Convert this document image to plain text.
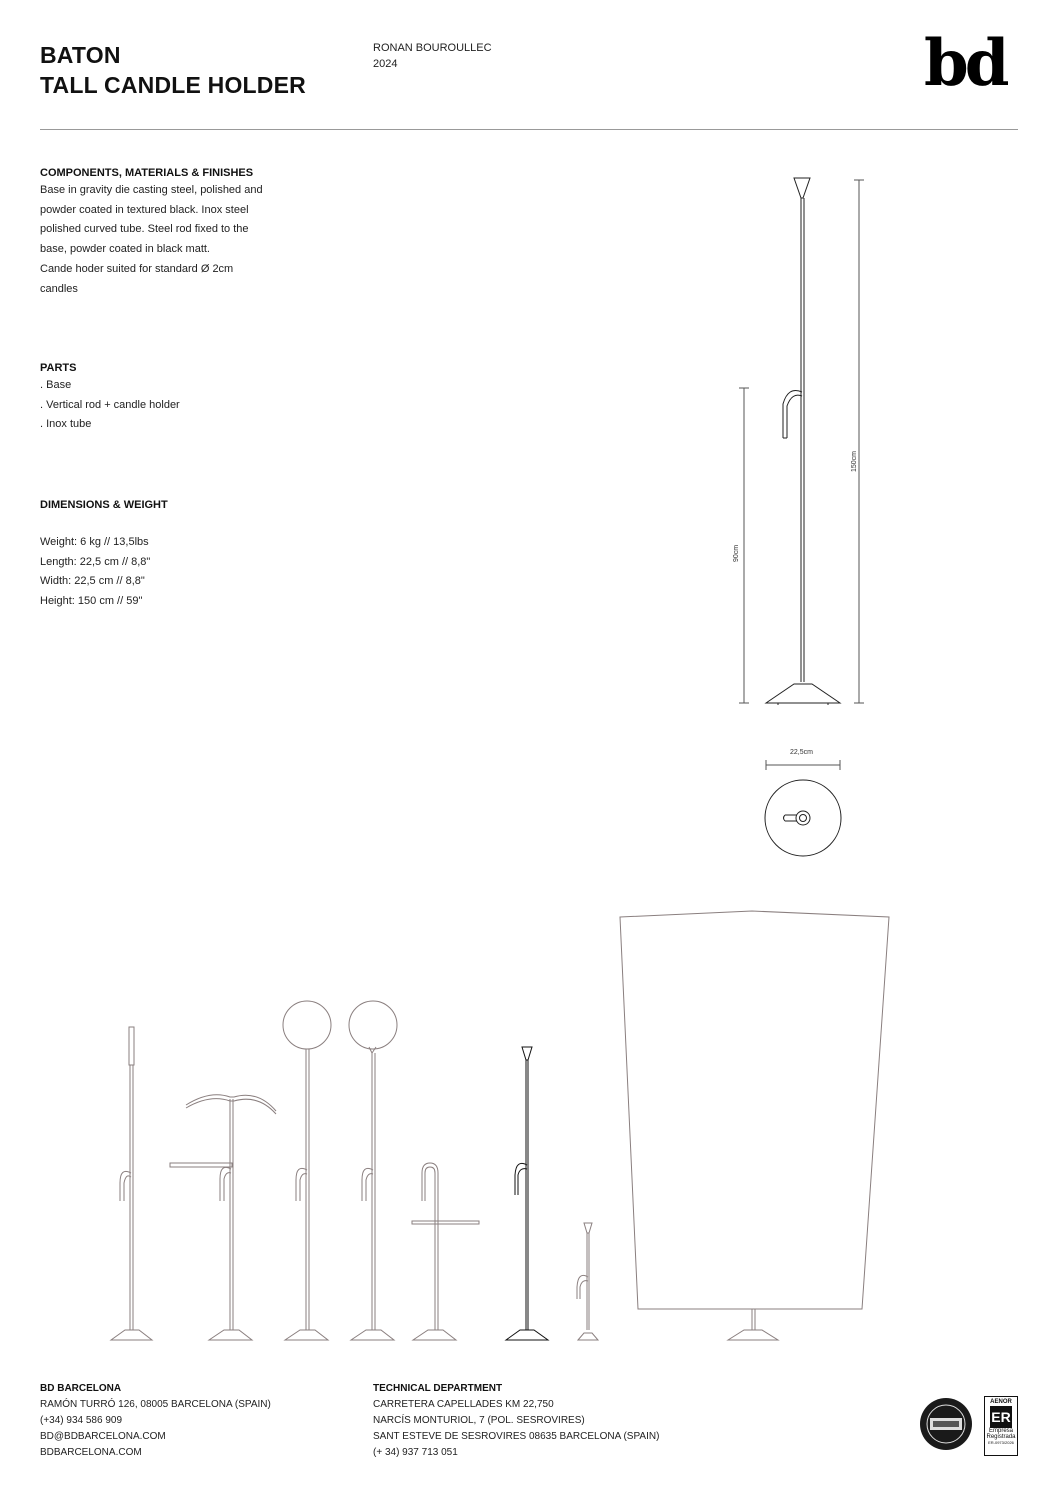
BATON
TALL CANDLE HOLDER
RONAN BOUROULLEC
2024	bd
COMPONENTS, MATERIALS & FINISHES
Base in gravity die casting steel, polished and
powder coated in textured black. Inox steel
polished curved tube. Steel rod fixed to the
base, powder coated in black matt.
Cande hoder suited for standard Ø 2cm
candles
PARTS
. Base
. Vertical rod + candle holder
. Inox tube
DIMENSIONS & WEIGHT
Weight: 6 kg // 13,5lbs
Length: 22,5 cm // 8,8"
Width: 22,5 cm // 8,8"
Height: 150 cm // 59"
150cm
90cm
22,5cm
BD BARCELONA
RAMÓN TURRÓ 126, 08005 BARCELONA (SPAIN)
(+34) 934 586 909
BD@BDBARCELONA.COM
BDBARCELONA.COM
TECHNICAL DEPARTMENT
CARRETERA CAPELLADES KM 22,750
NARCÍS MONTURIOL, 7 (POL. SESROVIRES)
SANT ESTEVE DE SESROVIRES 08635 BARCELONA (SPAIN)
(+ 34) 937 713 051
AENOR
ER
Empresa
Registrada
ER-0973/2026
